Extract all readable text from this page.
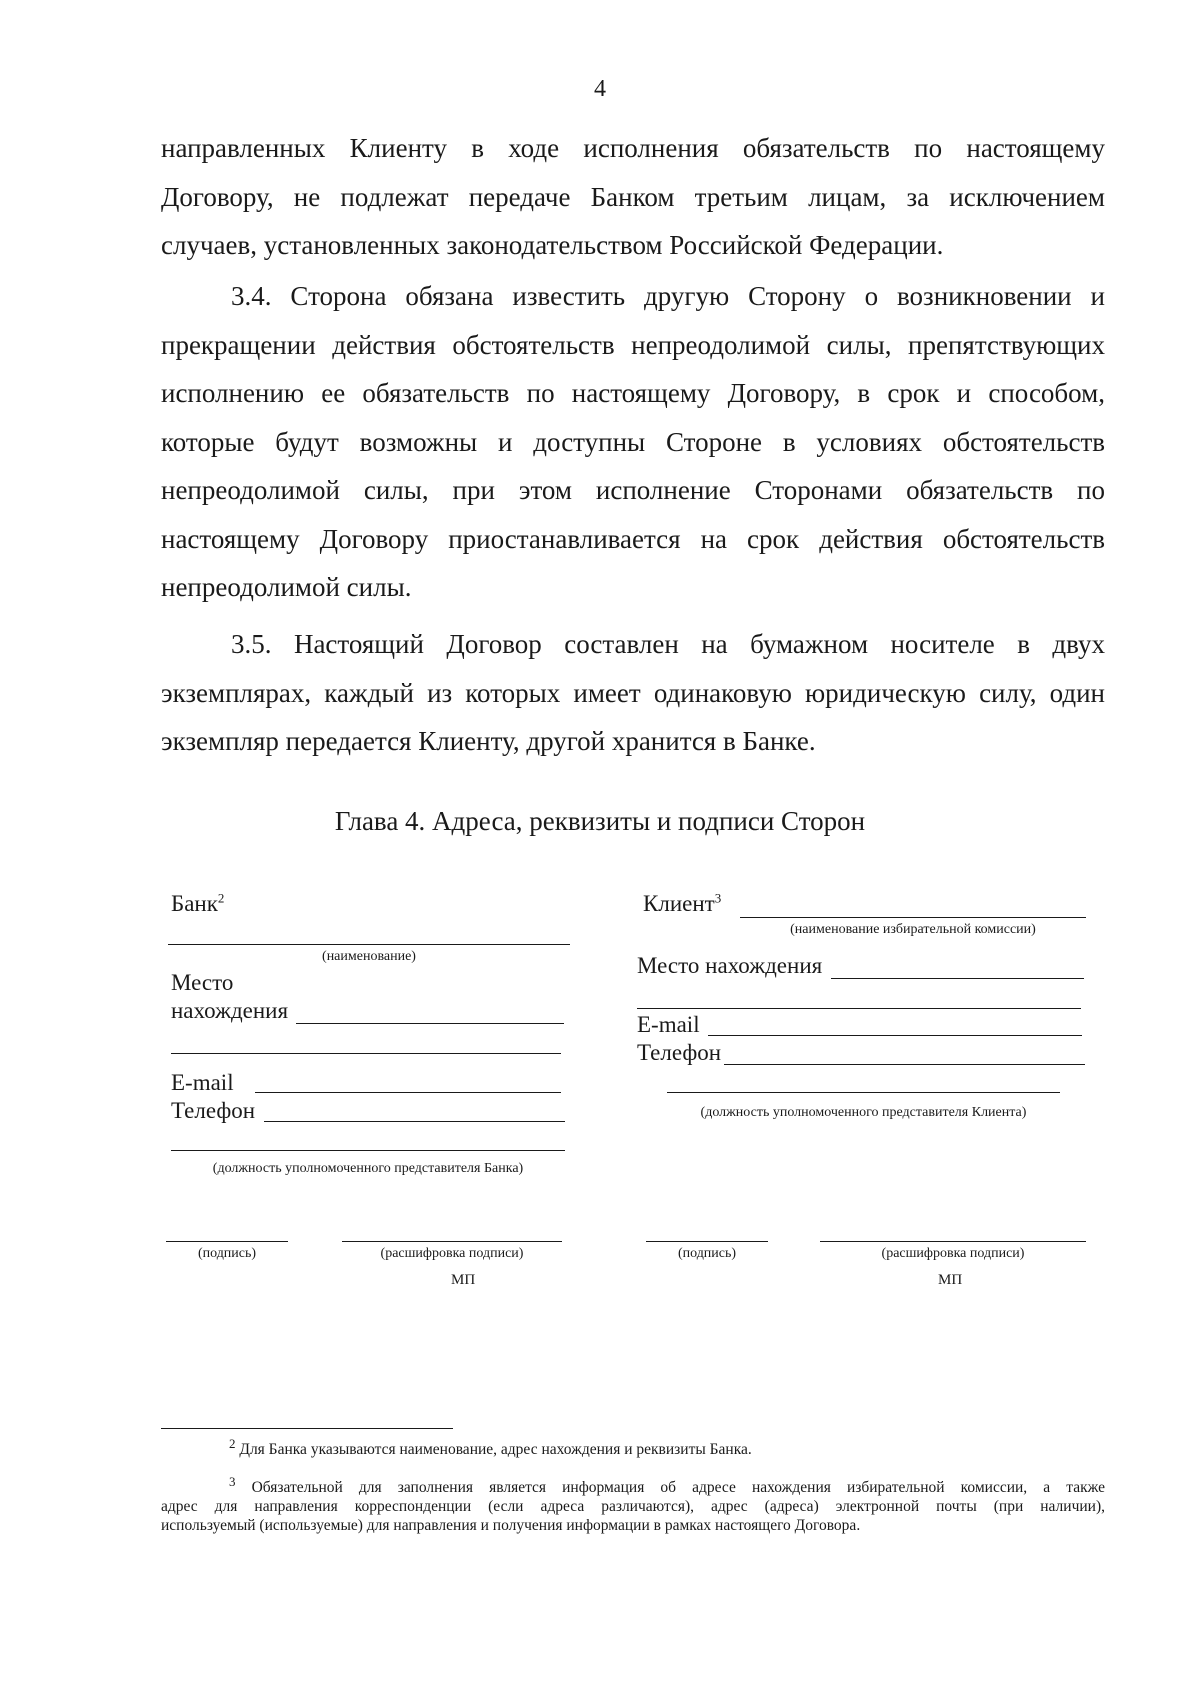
4
направленных Клиенту в ходе исполнения обязательств по настоящему
Договору, не подлежат передаче Банком третьим лицам, за исключением
случаев, установленных законодательством Российской Федерации.
3.4. Сторона обязана известить другую Сторону о возникновении и
прекращении действия обстоятельств непреодолимой силы, препятствующих
исполнению ее обязательств по настоящему Договору, в срок и способом,
которые будут возможны и доступны Стороне в условиях обстоятельств
непреодолимой силы, при этом исполнение Сторонами обязательств по
настоящему Договору приостанавливается на срок действия обстоятельств
непреодолимой силы.
3.5. Настоящий Договор составлен на бумажном носителе в двух
экземплярах, каждый из которых имеет одинаковую юридическую силу, один
экземпляр передается Клиенту, другой хранится в Банке.
Глава 4. Адреса, реквизиты и подписи Сторон
Банк$^2$
(наименование)
Место
нахождения
E-mail
Телефон
(должность уполномоченного представителя Банка)
(подпись)	(расшифровка подписи)
МП
Клиент$^3$
(наименование избирательной комиссии)
Место нахождения
E-mail
Телефон
(должность уполномоченного представителя Клиента)
(подпись)	(расшифровка подписи)
МП
$^2$ Для Банка указываются наименование, адрес нахождения и реквизиты Банка.
$^3$ Обязательной для заполнения является информация об адресе нахождения избирательной комиссии, а также
адрес для направления корреспонденции (если адреса различаются), адрес (адреса) электронной почты (при наличии),
используемый (используемые) для направления и получения информации в рамках настоящего Договора.
